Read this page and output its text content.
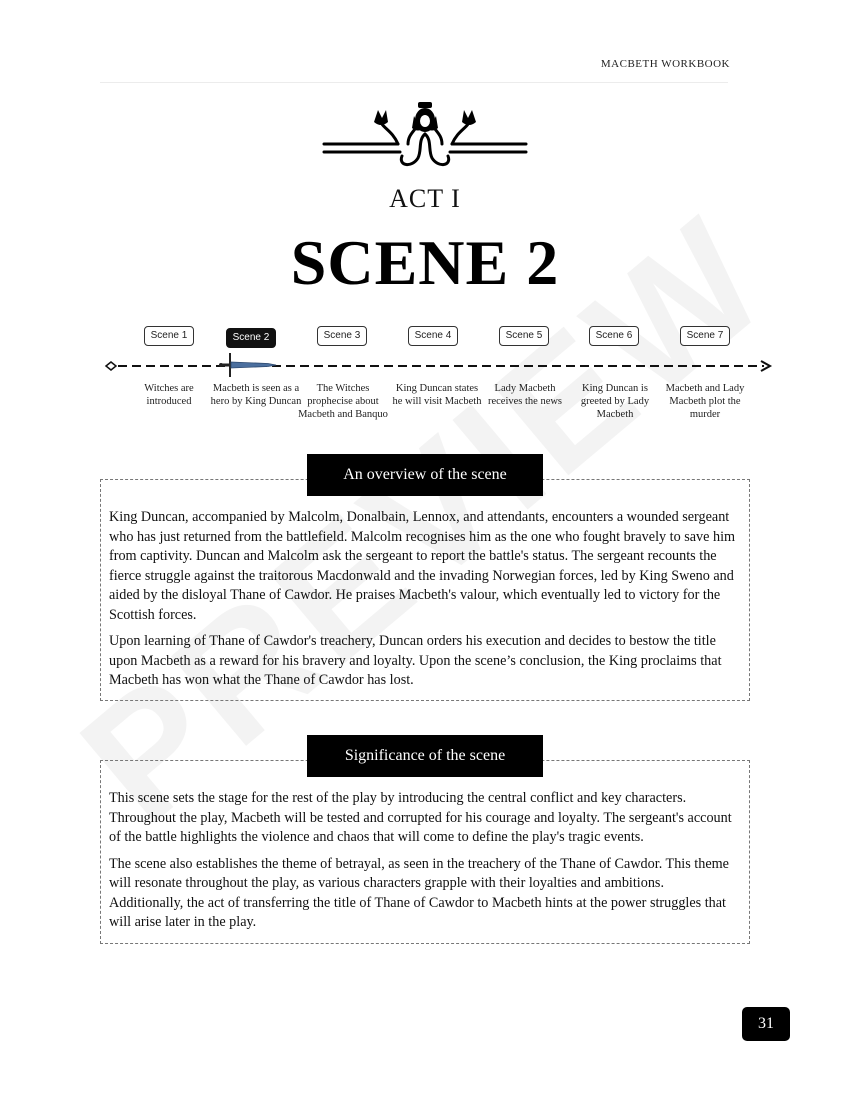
MACBETH WORKBOOK
ACT I
SCENE 2
Scene 1	Scene 2	Scene 3	Scene 4	Scene 5	Scene 6	Scene 7
Witches are introduced
Macbeth is seen as a hero by King Duncan
The Witches prophecise about Macbeth and Banquo
King Duncan states he will visit Macbeth
Lady Macbeth receives the news
King Duncan is greeted by Lady Macbeth
Macbeth and Lady Macbeth plot the murder
An overview of the scene

King Duncan, accompanied by Malcolm, Donalbain, Lennox, and attendants, encounters a wounded sergeant who has just returned from the battlefield. Malcolm recognises him as the one who fought bravely to save him from captivity. Duncan and Malcolm ask the sergeant to report the battle's status. The sergeant recounts the fierce struggle against the traitorous Macdonwald and the invading Norwegian forces, led by King Sweno and aided by the disloyal Thane of Cawdor. He praises Macbeth's valour, which eventually led to victory for the Scottish forces.

Upon learning of Thane of Cawdor's treachery, Duncan orders his execution and decides to bestow the title upon Macbeth as a reward for his bravery and loyalty. Upon the scene’s conclusion, the King proclaims that Macbeth has won what the Thane of Cawdor has lost.

Significance of the scene

This scene sets the stage for the rest of the play by introducing the central conflict and key characters. Throughout the play, Macbeth will be tested and corrupted for his courage and loyalty. The sergeant's account of the battle highlights the violence and chaos that will come to define the play's tragic events.

The scene also establishes the theme of betrayal, as seen in the treachery of the Thane of Cawdor. This theme will resonate throughout the play, as various characters grapple with their loyalties and ambitions. Additionally, the act of transferring the title of Thane of Cawdor to Macbeth hints at the power struggles that will arise later in the play.

31
